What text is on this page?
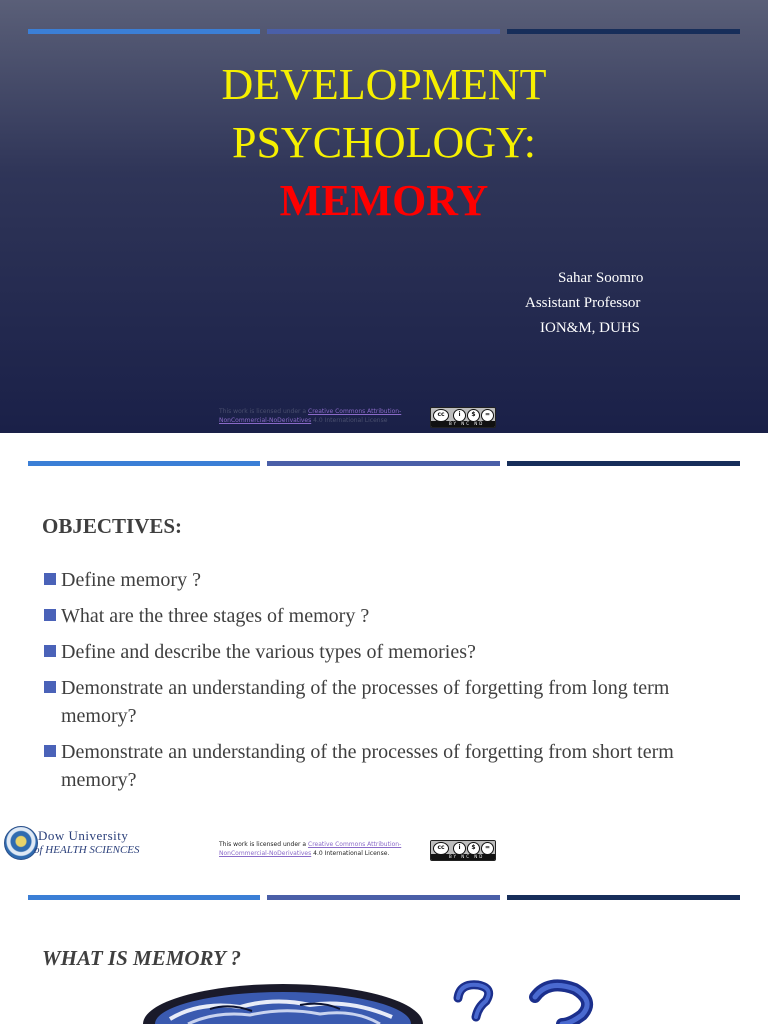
DEVELOPMENT
PSYCHOLOGY:
MEMORY
Sahar Soomro
Assistant Professor
ION&M, DUHS
This work is licensed under a Creative Commons Attribution-
NonCommercial-NoDerivatives 4.0 International License
cc	i	$	=
BY NC ND
OBJECTIVES:
Define memory ?
What are the three stages of memory ?
Define and describe the various types of memories?
Demonstrate an understanding of the processes of forgetting from long term memory?
Demonstrate an understanding of the processes of forgetting from short term memory?
Dow University
of HEALTH SCIENCES	This work is licensed under a Creative Commons Attribution-
NonCommercial-NoDerivatives 4.0 International License.
cc	i	$	=
BY NC ND
WHAT IS MEMORY ?
